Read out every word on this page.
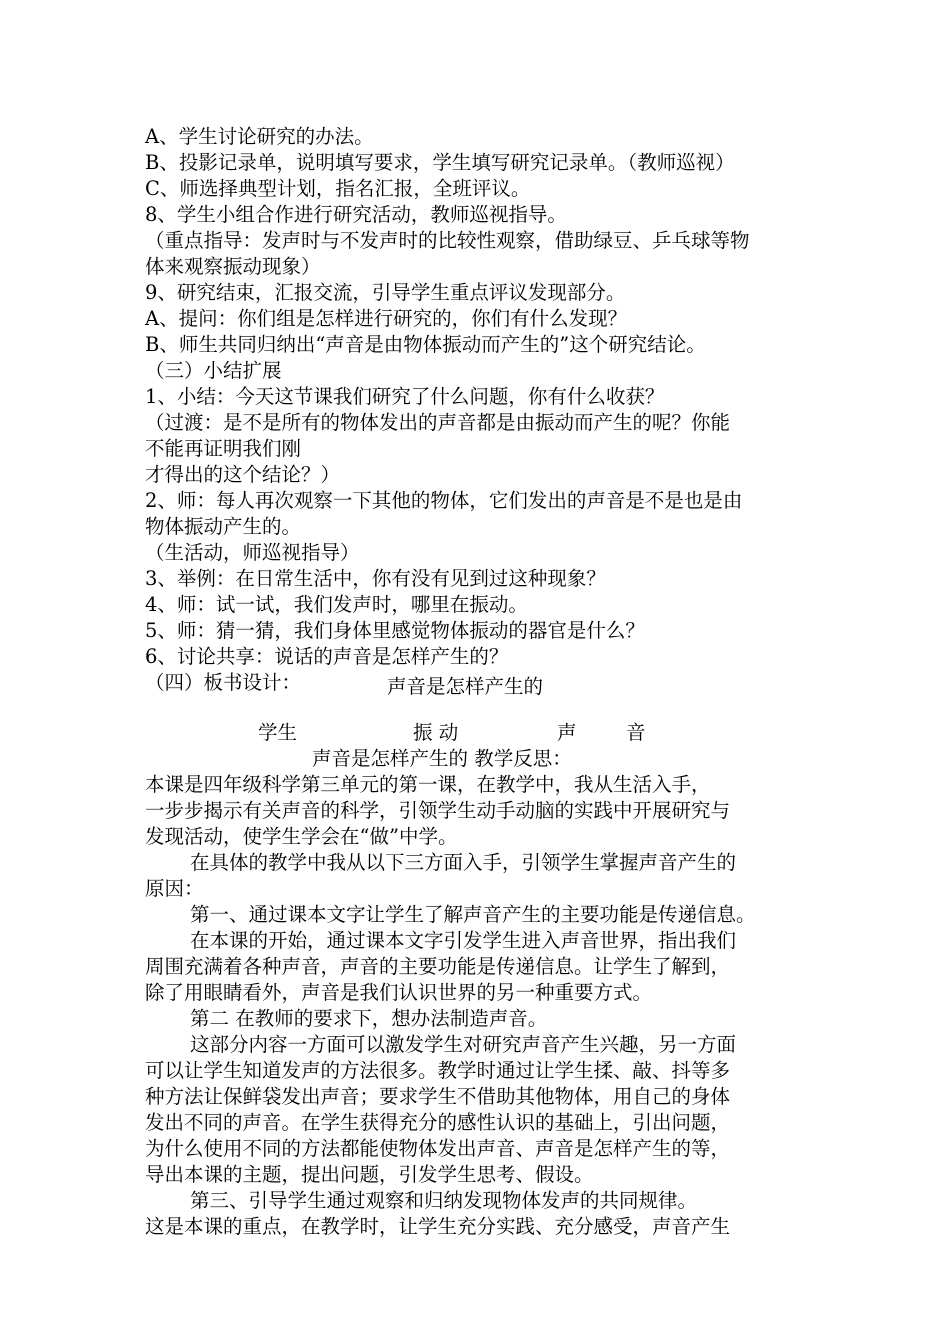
A、学生讨论研究的办法。
B、投影记录单，说明填写要求，学生填写研究记录单。（教师巡视）
C、师选择典型计划，指名汇报，全班评议。
8、学生小组合作进行研究活动，教师巡视指导。
（重点指导：发声时与不发声时的比较性观察，借助绿豆、乒乓球等物
体来观察振动现象）
9、研究结束，汇报交流，引导学生重点评议发现部分。
A、提问：你们组是怎样进行研究的，你们有什么发现？
B、师生共同归纳出“声音是由物体振动而产生的”这个研究结论。
（三）小结扩展
1、小结：今天这节课我们研究了什么问题，你有什么收获？
（过渡：是不是所有的物体发出的声音都是由振动而产生的呢？你能
不能再证明我们刚
才得出的这个结论？）
2、师：每人再次观察一下其他的物体，它们发出的声音是不是也是由
物体振动产生的。
（生活动，师巡视指导）
3、举例：在日常生活中，你有没有见到过这种现象？
4、师：试一试，我们发声时，哪里在振动。
5、师：猜一猜，我们身体里感觉物体振动的器官是什么？
6、讨论共享：说话的声音是怎样产生的？
（四）板书设计：	声音是怎样产生的
学生	振 动	声	音
声音是怎样产生的 教学反思：
本课是四年级科学第三单元的第一课，在教学中，我从生活入手，
一步步揭示有关声音的科学，引领学生动手动脑的实践中开展研究与
发现活动，使学生学会在“做”中学。
在具体的教学中我从以下三方面入手，引领学生掌握声音产生的
原因：
第一、通过课本文字让学生了解声音产生的主要功能是传递信息。
在本课的开始，通过课本文字引发学生进入声音世界，指出我们
周围充满着各种声音，声音的主要功能是传递信息。让学生了解到，
除了用眼睛看外，声音是我们认识世界的另一种重要方式。
第二 在教师的要求下，想办法制造声音。
这部分内容一方面可以激发学生对研究声音产生兴趣，另一方面
可以让学生知道发声的方法很多。教学时通过让学生揉、敲、抖等多
种方法让保鲜袋发出声音；要求学生不借助其他物体，用自己的身体
发出不同的声音。在学生获得充分的感性认识的基础上，引出问题，
为什么使用不同的方法都能使物体发出声音、声音是怎样产生的等，
导出本课的主题，提出问题，引发学生思考、假设。
第三、引导学生通过观察和归纳发现物体发声的共同规律。
这是本课的重点，在教学时，让学生充分实践、充分感受，声音产生
